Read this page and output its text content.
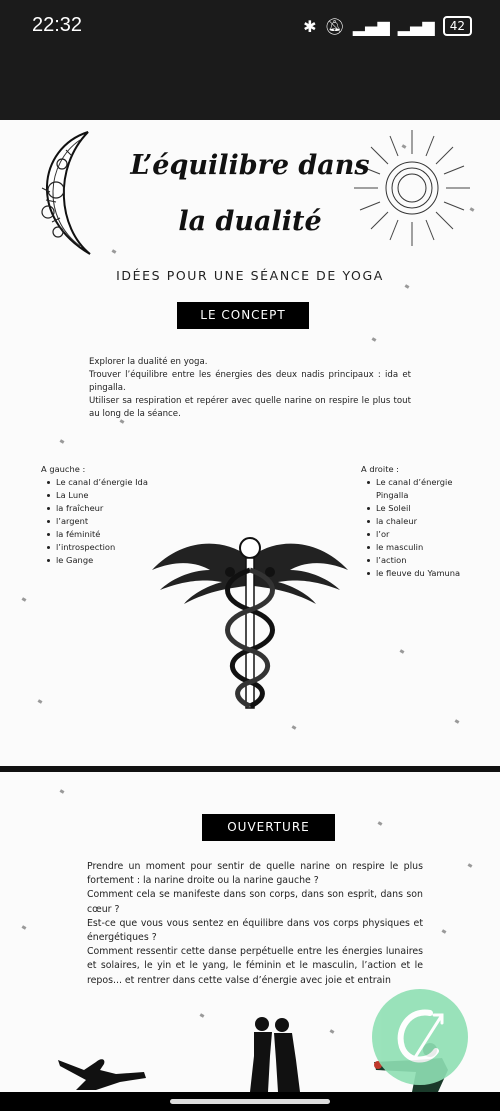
22:32	✱ 🔕︎ ▂▄▆ ▂▄▆	42
L’équilibre dans
la dualité
IDÉES POUR UNE SÉANCE DE YOGA
LE CONCEPT
Explorer la dualité en yoga.
Trouver l’équilibre entre les énergies des deux nadis principaux : ida et pingalla.
Utiliser sa respiration et repérer avec quelle narine on respire le plus tout au long de la séance.
A gauche :
Le canal d’énergie Ida
La Lune
la fraîcheur
l’argent
la féminité
l’introspection
le Gange
A droite :
Le canal d’énergie Pingalla
Le Soleil
la chaleur
l’or
le masculin
l’action
le fleuve du Yamuna
OUVERTURE
Prendre un moment pour sentir de quelle narine on respire le plus fortement : la narine droite ou la narine gauche ?
Comment cela se manifeste dans son corps, dans son esprit, dans son cœur ?
Est-ce que vous vous sentez en équilibre dans vos corps physiques et énergétiques ?
Comment ressentir cette danse perpétuelle entre les énergies lunaires et solaires, le yin et le yang, le féminin et le masculin, l’action et le repos... et rentrer dans cette valse d’énergie avec joie et entrain
